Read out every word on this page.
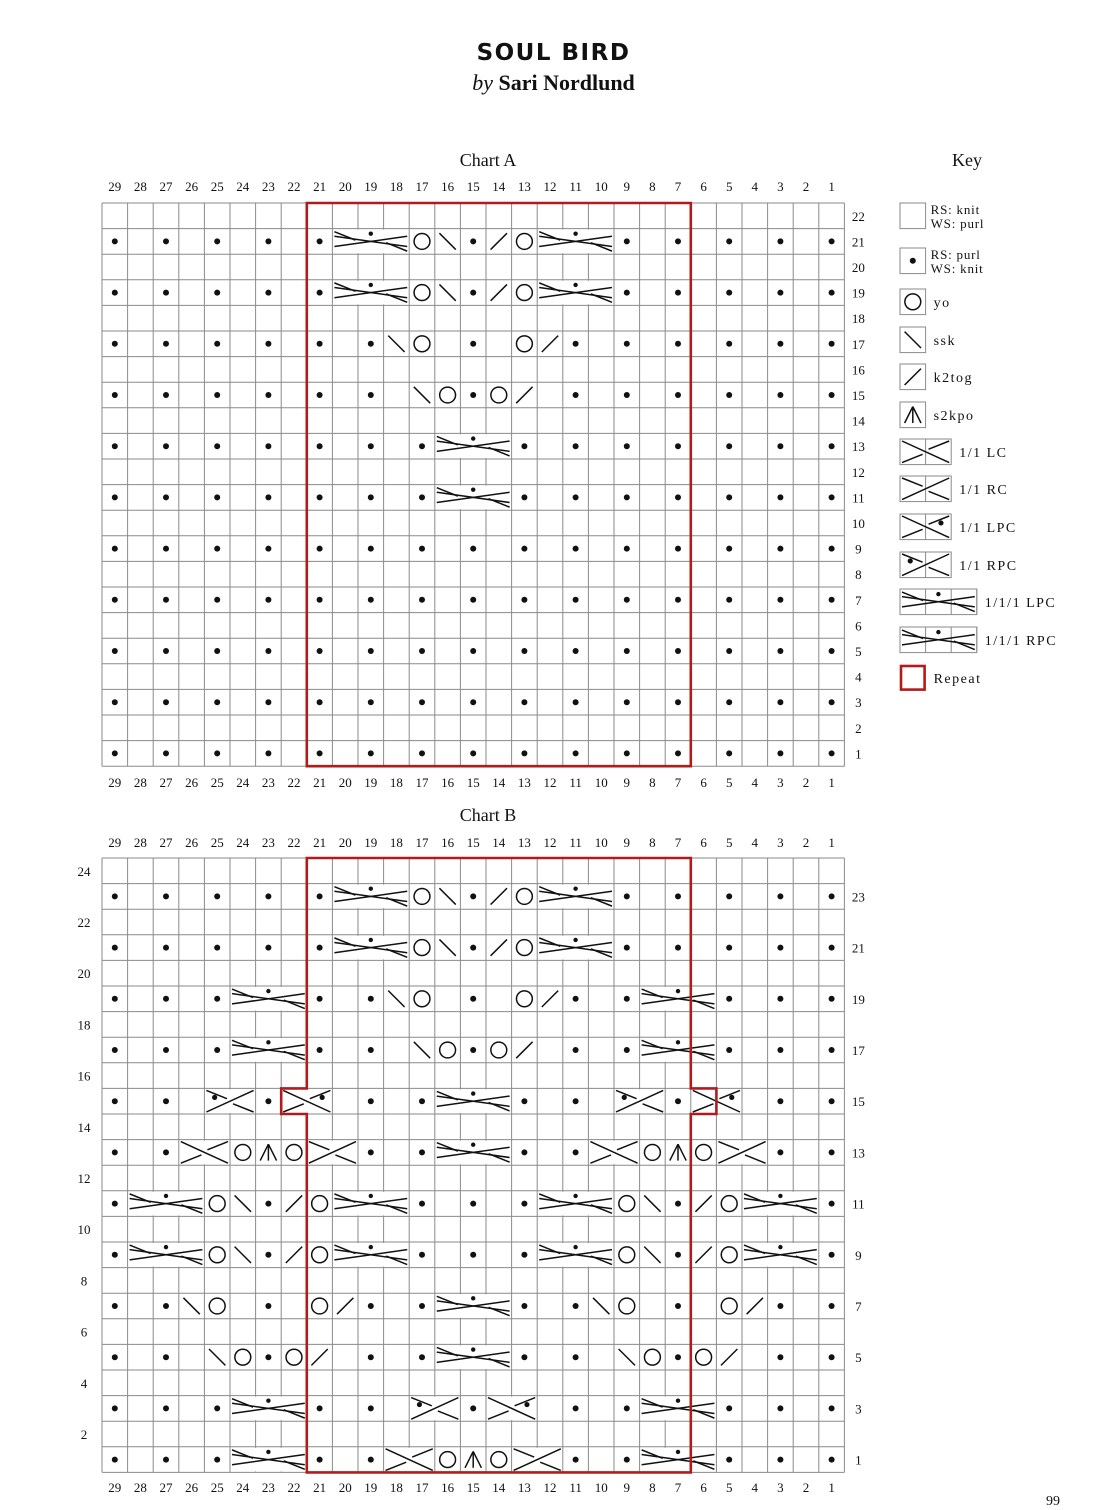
SOUL BIRD
by Sari Nordlund
Chart A
Chart B
Key
29
29
28
28
27
27
26
26
25
25
24
24
23
23
22
22
21
21
20
20
19
19
18
18
17
17
16
16
15
15
14
14
13
13
12
12
11
11
10
10
9
9
8
8
7
7
6
6
5
5
4
4
3
3
2
2
1
1
22
21
20
19
18
17
16
15
14
13
12
11
10
9
8
7
6
5
4
3
2
1
29
29
28
28
27
27
26
26
25
25
24
24
23
23
22
22
21
21
20
20
19
19
18
18
17
17
16
16
15
15
14
14
13
13
12
12
11
11
10
10
9
9
8
8
7
7
6
6
5
5
4
4
3
3
2
2
1
1
23
21
19
17
15
13
11
9
7
5
3
1
24
22
20
18
16
14
12
10
8
6
4
2
RS: knit
WS: purl
RS: purl
WS: knit
yo
ssk
k2tog
s2kpo
1/1 LC
1/1 RC
1/1 LPC
1/1 RPC
1/1/1 LPC
1/1/1 RPC
Repeat
99
